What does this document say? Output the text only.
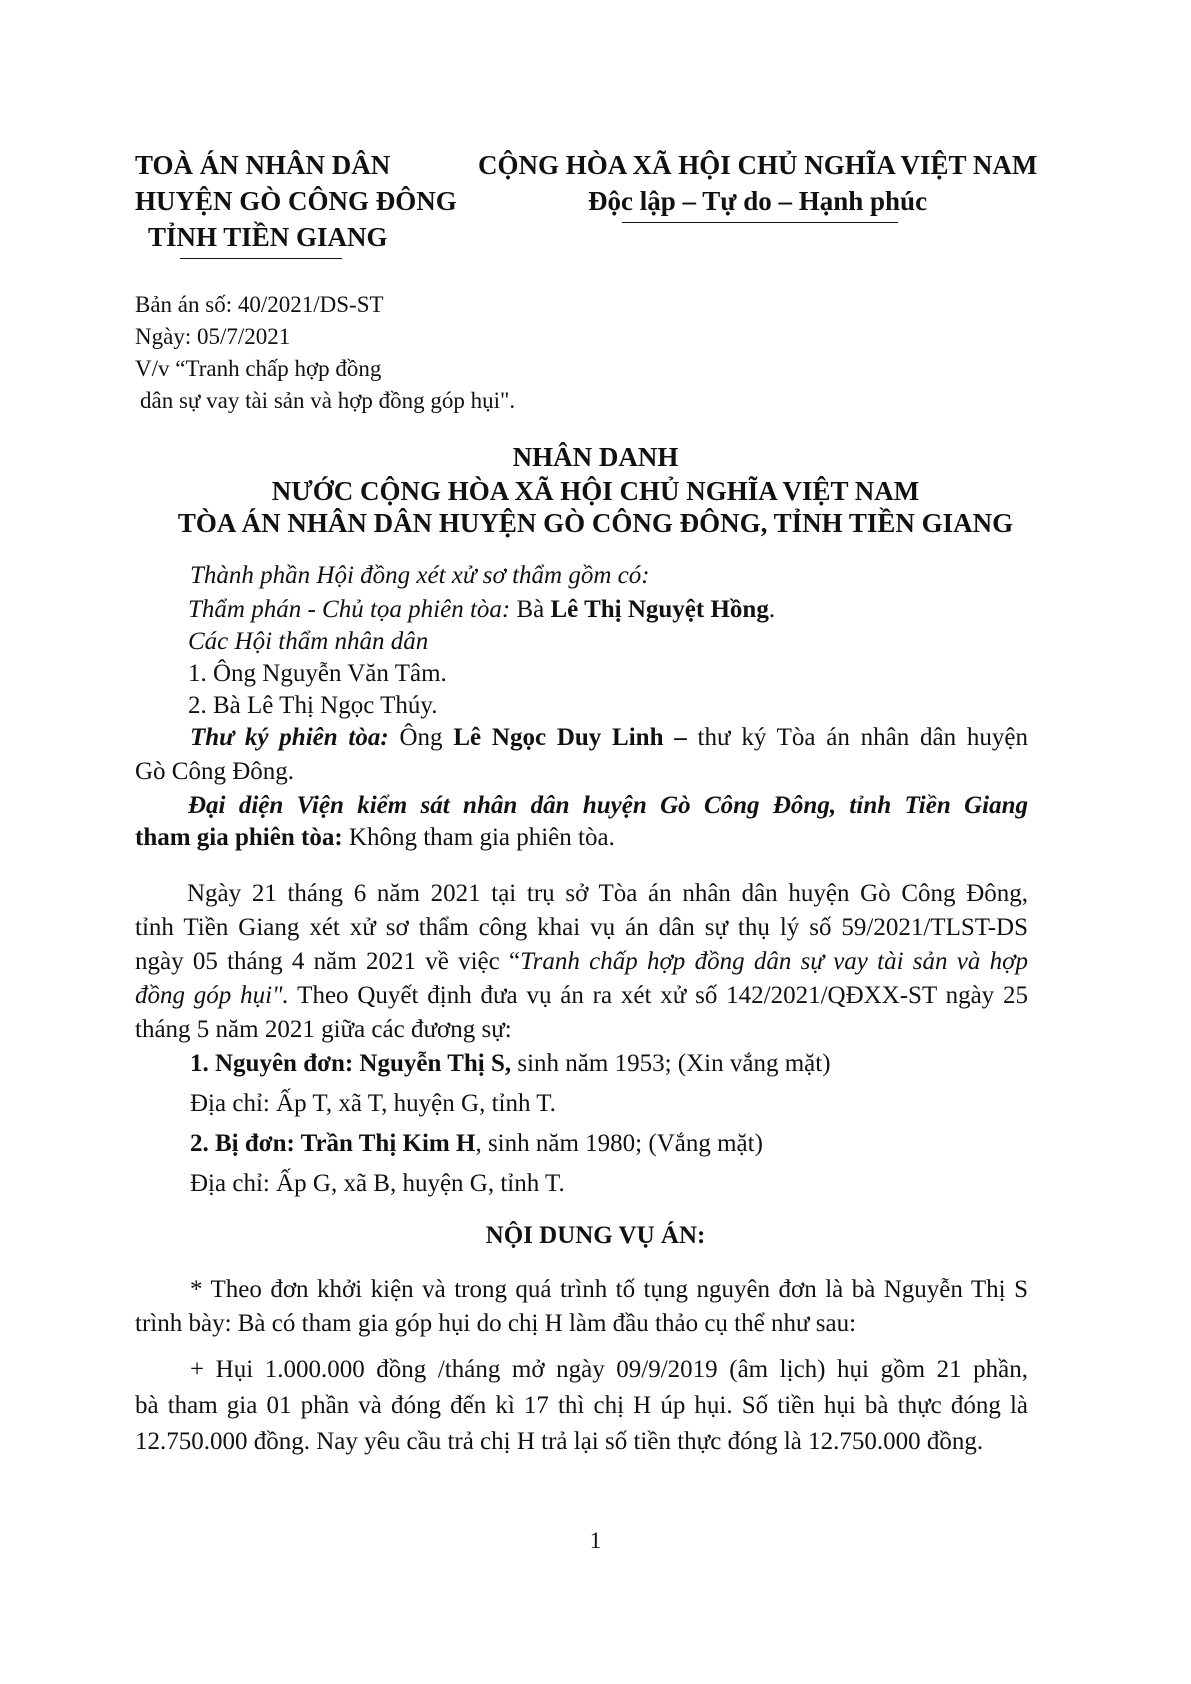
TOÀ ÁN NHÂN DÂN
HUYỆN GÒ CÔNG ĐÔNG
TỈNH TIỀN GIANG
CỘNG HÒA XÃ HỘI CHỦ NGHĨA VIỆT NAM
Độc lập – Tự do – Hạnh phúc
Bản án số: 40/2021/DS-ST
Ngày: 05/7/2021
V/v “Tranh chấp hợp đồng
dân sự vay tài sản và hợp đồng góp hụi".
NHÂN DANH
NƯỚC CỘNG HÒA XÃ HỘI CHỦ NGHĨA VIỆT NAM
TÒA ÁN NHÂN DÂN HUYỆN GÒ CÔNG ĐÔNG, TỈNH TIỀN GIANG
Thành phần Hội đồng xét xử sơ thẩm gồm có:
Thẩm phán - Chủ tọa phiên tòa: Bà Lê Thị Nguyệt Hồng.
Các Hội thẩm nhân dân
1. Ông Nguyễn Văn Tâm.
2. Bà Lê Thị Ngọc Thúy.
Thư ký phiên tòa: Ông Lê Ngọc Duy Linh – thư ký Tòa án nhân dân huyện
Gò Công Đông.
Đại diện Viện kiểm sát nhân dân huyện Gò Công Đông, tỉnh Tiền Giang
tham gia phiên tòa: Không tham gia phiên tòa.
Ngày 21 tháng 6 năm 2021 tại trụ sở Tòa án nhân dân huyện Gò Công Đông,
tỉnh Tiền Giang xét xử sơ thẩm công khai vụ án dân sự thụ lý số 59/2021/TLST-DS
ngày 05 tháng 4 năm 2021 về việc “Tranh chấp hợp đồng dân sự vay tài sản và hợp
đồng góp hụi". Theo Quyết định đưa vụ án ra xét xử số 142/2021/QĐXX-ST ngày 25
tháng 5 năm 2021 giữa các đương sự:
1. Nguyên đơn: Nguyễn Thị S, sinh năm 1953; (Xin vắng mặt)
Địa chỉ: Ấp T, xã T, huyện G, tỉnh T.
2. Bị đơn: Trần Thị Kim H, sinh năm 1980; (Vắng mặt)
Địa chỉ: Ấp G, xã B, huyện G, tỉnh T.
NỘI DUNG VỤ ÁN:
* Theo đơn khởi kiện và trong quá trình tố tụng nguyên đơn là bà Nguyễn Thị S
trình bày: Bà có tham gia góp hụi do chị H làm đầu thảo cụ thể như sau:
+ Hụi 1.000.000 đồng /tháng mở ngày 09/9/2019 (âm lịch) hụi gồm 21 phần,
bà tham gia 01 phần và đóng đến kì 17 thì chị H úp hụi. Số tiền hụi bà thực đóng là
12.750.000 đồng. Nay yêu cầu trả chị H trả lại số tiền thực đóng là 12.750.000 đồng.
1
